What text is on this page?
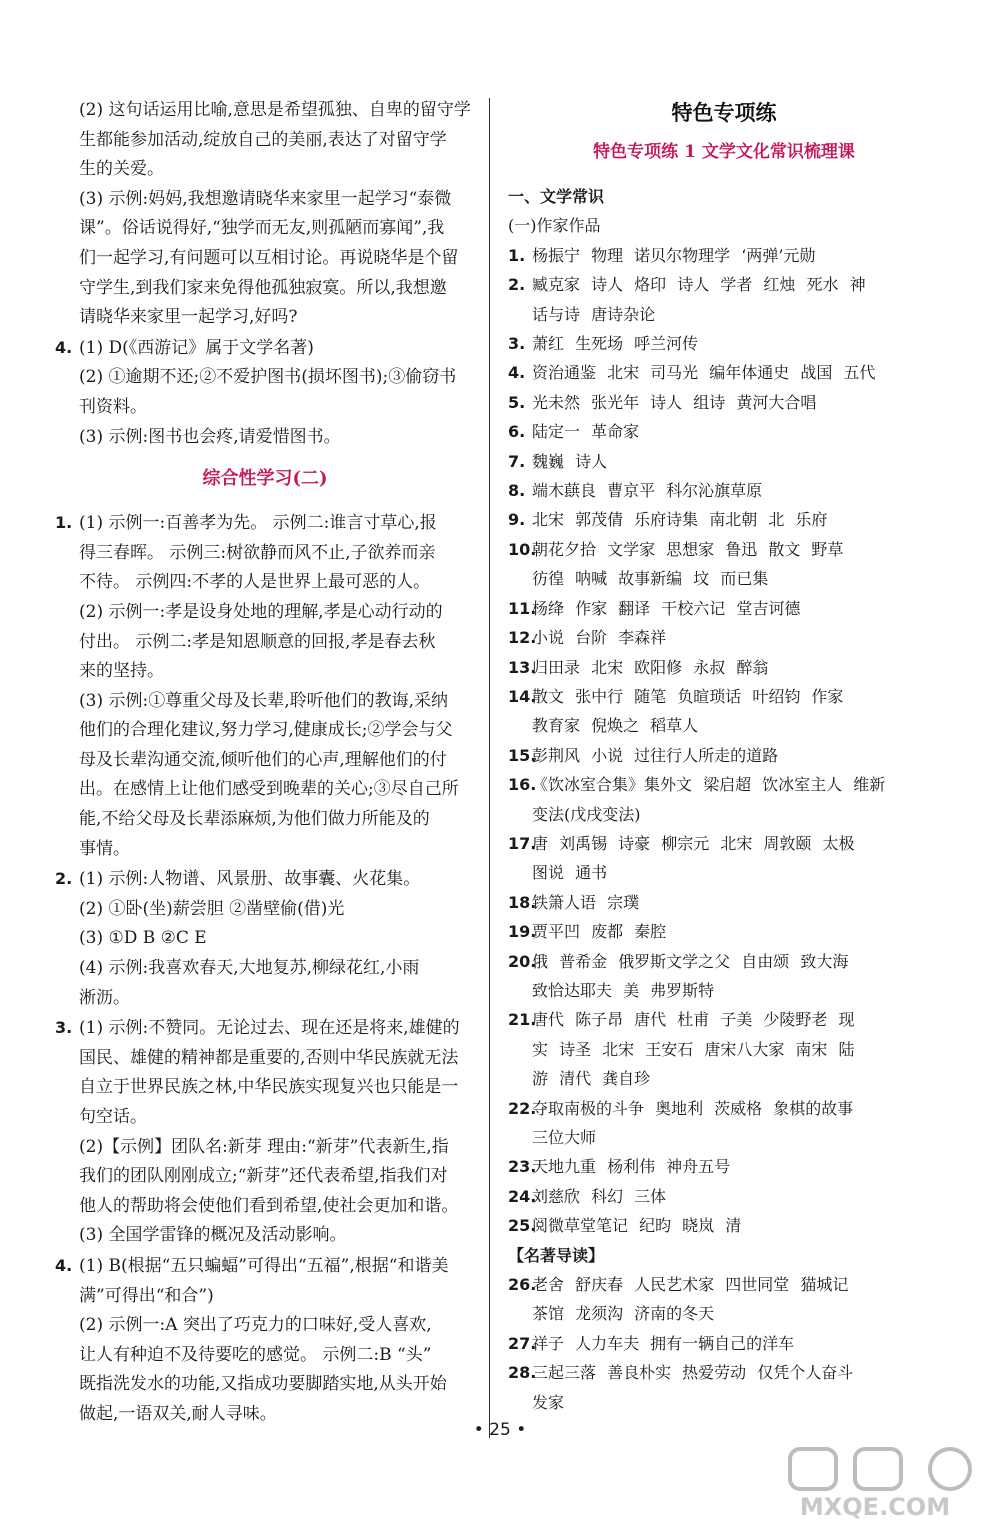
(2) 这句话运用比喻,意思是希望孤独、自卑的留守学
生都能参加活动,绽放自己的美丽,表达了对留守学
生的关爱。
(3) 示例:妈妈,我想邀请晓华来家里一起学习“泰微
课”。俗话说得好,“独学而无友,则孤陋而寡闻”,我
们一起学习,有问题可以互相讨论。再说晓华是个留
守学生,到我们家来免得他孤独寂寞。所以,我想邀
请晓华来家里一起学习,好吗?
4. (1) D(《西游记》属于文学名著)
(2) ①逾期不还;②不爱护图书(损坏图书);③偷窃书
刊资料。
(3) 示例:图书也会疼,请爱惜图书。
综合性学习(二)
1. (1) 示例一:百善孝为先。 示例二:谁言寸草心,报
得三春晖。 示例三:树欲静而风不止,子欲养而亲
不待。 示例四:不孝的人是世界上最可恶的人。
(2) 示例一:孝是设身处地的理解,孝是心动行动的
付出。 示例二:孝是知恩顺意的回报,孝是春去秋
来的坚持。
(3) 示例:①尊重父母及长辈,聆听他们的教诲,采纳
他们的合理化建议,努力学习,健康成长;②学会与父
母及长辈沟通交流,倾听他们的心声,理解他们的付
出。在感情上让他们感受到晚辈的关心;③尽自己所
能,不给父母及长辈添麻烦,为他们做力所能及的
事情。
2. (1) 示例:人物谱、风景册、故事囊、火花集。
(2) ①卧(坐)薪尝胆 ②凿壁偷(借)光
(3) ①D B ②C E
(4) 示例:我喜欢春天,大地复苏,柳绿花红,小雨
淅沥。
3. (1) 示例:不赞同。无论过去、现在还是将来,雄健的
国民、雄健的精神都是重要的,否则中华民族就无法
自立于世界民族之林,中华民族实现复兴也只能是一
句空话。
(2)【示例】团队名:新芽 理由:“新芽”代表新生,指
我们的团队刚刚成立;“新芽”还代表希望,指我们对
他人的帮助将会使他们看到希望,使社会更加和谐。
(3) 全国学雷锋的概况及活动影响。
4. (1) B(根据“五只蝙蝠”可得出“五福”,根据“和谐美
满”可得出“和合”)
(2) 示例一:A 突出了巧克力的口味好,受人喜欢,
让人有种迫不及待要吃的感觉。 示例二:B “头”
既指洗发水的功能,又指成功要脚踏实地,从头开始
做起,一语双关,耐人寻味。
特色专项练
特色专项练 1 文学文化常识梳理课
一、文学常识
(一)作家作品
1. 杨振宁 物理 诺贝尔物理学 ‘两弹’元勋
2. 臧克家 诗人 烙印 诗人 学者 红烛 死水 神
话与诗 唐诗杂论
3. 萧红 生死场 呼兰河传
4. 资治通鉴 北宋 司马光 编年体通史 战国 五代
5. 光未然 张光年 诗人 组诗 黄河大合唱
6. 陆定一 革命家
7. 魏巍 诗人
8. 端木蕻良 曹京平 科尔沁旗草原
9. 北宋 郭茂倩 乐府诗集 南北朝 北 乐府
10.朝花夕拾 文学家 思想家 鲁迅 散文 野草
彷徨 呐喊 故事新编 坟 而已集
11.杨绛 作家 翻译 干校六记 堂吉诃德
12.小说 台阶 李森祥
13.归田录 北宋 欧阳修 永叔 醉翁
14.散文 张中行 随笔 负暄琐话 叶绍钧 作家
教育家 倪焕之 稻草人
15.彭荆风 小说 过往行人所走的道路
16.《饮冰室合集》集外文 梁启超 饮冰室主人 维新
变法(戊戌变法)
17.唐 刘禹锡 诗豪 柳宗元 北宋 周敦颐 太极
图说 通书
18.铁箫人语 宗璞
19.贾平凹 废都 秦腔
20.俄 普希金 俄罗斯文学之父 自由颂 致大海
致恰达耶夫 美 弗罗斯特
21.唐代 陈子昂 唐代 杜甫 子美 少陵野老 现
实 诗圣 北宋 王安石 唐宋八大家 南宋 陆
游 清代 龚自珍
22.夺取南极的斗争 奥地利 茨威格 象棋的故事
三位大师
23.天地九重 杨利伟 神舟五号
24.刘慈欣 科幻 三体
25.阅微草堂笔记 纪昀 晓岚 清
【名著导读】
26.老舍 舒庆春 人民艺术家 四世同堂 猫城记
茶馆 龙须沟 济南的冬天
27.祥子 人力车夫 拥有一辆自己的洋车
28.三起三落 善良朴实 热爱劳动 仅凭个人奋斗
发家
• 25 •
MXQE.COM
